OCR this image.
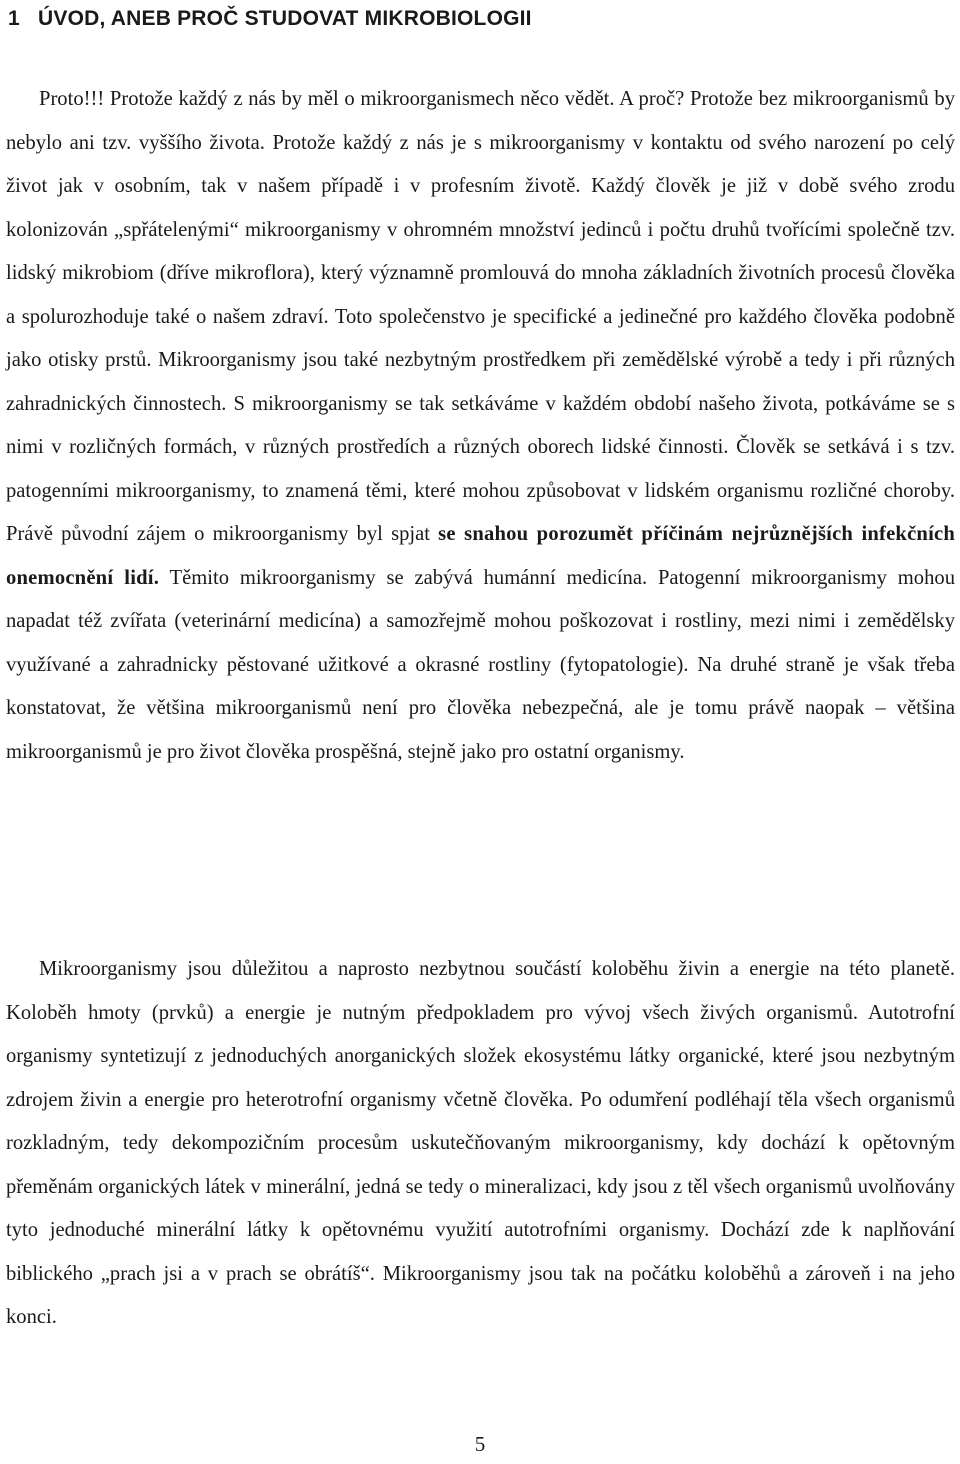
1 ÚVOD, ANEB PROČ STUDOVAT MIKROBIOLOGII

Proto!!! Protože každý z nás by měl o mikroorganismech něco vědět. A proč? Protože bez mikroorganismů by nebylo ani tzv. vyššího života. Protože každý z nás je s mikroorganismy v kontaktu od svého narození po celý život jak v osobním, tak v našem případě i v profesním životě. Každý člověk je již v době svého zrodu kolonizován „spřátelenými“ mikroorganismy v ohromném množství jedinců i počtu druhů tvořícími společně tzv. lidský mikrobiom (dříve mikroflora), který významně promlouvá do mnoha základních životních procesů člověka a spolurozhoduje také o našem zdraví. Toto společenstvo je specifické a jedinečné pro každého člověka podobně jako otisky prstů. Mikroorganismy jsou také nezbytným prostředkem při zemědělské výrobě a tedy i při různých zahradnických činnostech. S mikroorganismy se tak setkáváme v každém období našeho života, potkáváme se s nimi v rozličných formách, v různých prostředích a různých oborech lidské činnosti. Člověk se setkává i s tzv. patogenními mikroorganismy, to znamená těmi, které mohou způsobovat v lidském organismu rozličné choroby. Právě původní zájem o mikroorganismy byl spjat se snahou porozumět příčinám nejrůznějších infekčních onemocnění lidí. Těmito mikroorganismy se zabývá humánní medicína. Patogenní mikroorganismy mohou napadat též zvířata (veterinární medicína) a samozřejmě mohou poškozovat i rostliny, mezi nimi i zemědělsky využívané a zahradnicky pěstované užitkové a okrasné rostliny (fytopatologie). Na druhé straně je však třeba konstatovat, že většina mikroorganismů není pro člověka nebezpečná, ale je tomu právě naopak – většina mikroorganismů je pro život člověka prospěšná, stejně jako pro ostatní organismy.

Mikroorganismy jsou důležitou a naprosto nezbytnou součástí koloběhu živin a energie na této planetě. Koloběh hmoty (prvků) a energie je nutným předpokladem pro vývoj všech živých organismů. Autotrofní organismy syntetizují z jednoduchých anorganických složek ekosystému látky organické, které jsou nezbytným zdrojem živin a energie pro heterotrofní organismy včetně člověka. Po odumření podléhají těla všech organismů rozkladným, tedy dekompozičním procesům uskutečňovaným mikroorganismy, kdy dochází k opětovným přeměnám organických látek v minerální, jedná se tedy o mineralizaci, kdy jsou z těl všech organismů uvolňovány tyto jednoduché minerální látky k opětovnému využití autotrofními organismy. Dochází zde k naplňování biblického „prach jsi a v prach se obrátíš“. Mikroorganismy jsou tak na počátku koloběhů a zároveň i na jeho konci.

5
